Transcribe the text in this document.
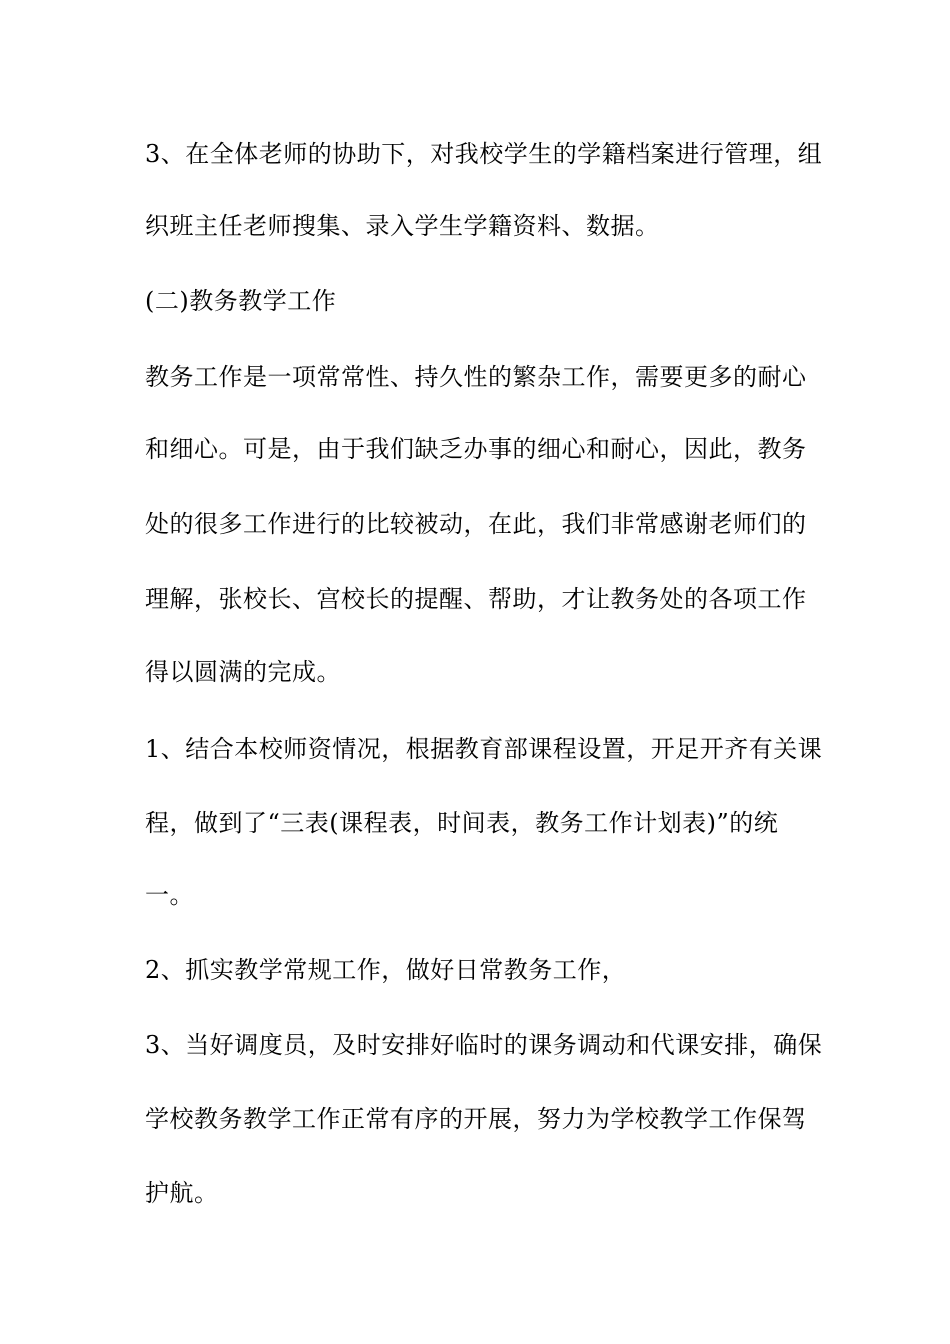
3、在全体老师的协助下，对我校学生的学籍档案进行管理，组
织班主任老师搜集、录入学生学籍资料、数据。
(二)教务教学工作
教务工作是一项常常性、持久性的繁杂工作，需要更多的耐心
和细心。可是，由于我们缺乏办事的细心和耐心，因此，教务
处的很多工作进行的比较被动，在此，我们非常感谢老师们的
理解，张校长、宫校长的提醒、帮助，才让教务处的各项工作
得以圆满的完成。
1、结合本校师资情况，根据教育部课程设置，开足开齐有关课
程，做到了“三表(课程表，时间表，教务工作计划表)”的统
一。
2、抓实教学常规工作，做好日常教务工作，
3、当好调度员，及时安排好临时的课务调动和代课安排，确保
学校教务教学工作正常有序的开展，努力为学校教学工作保驾
护航。
